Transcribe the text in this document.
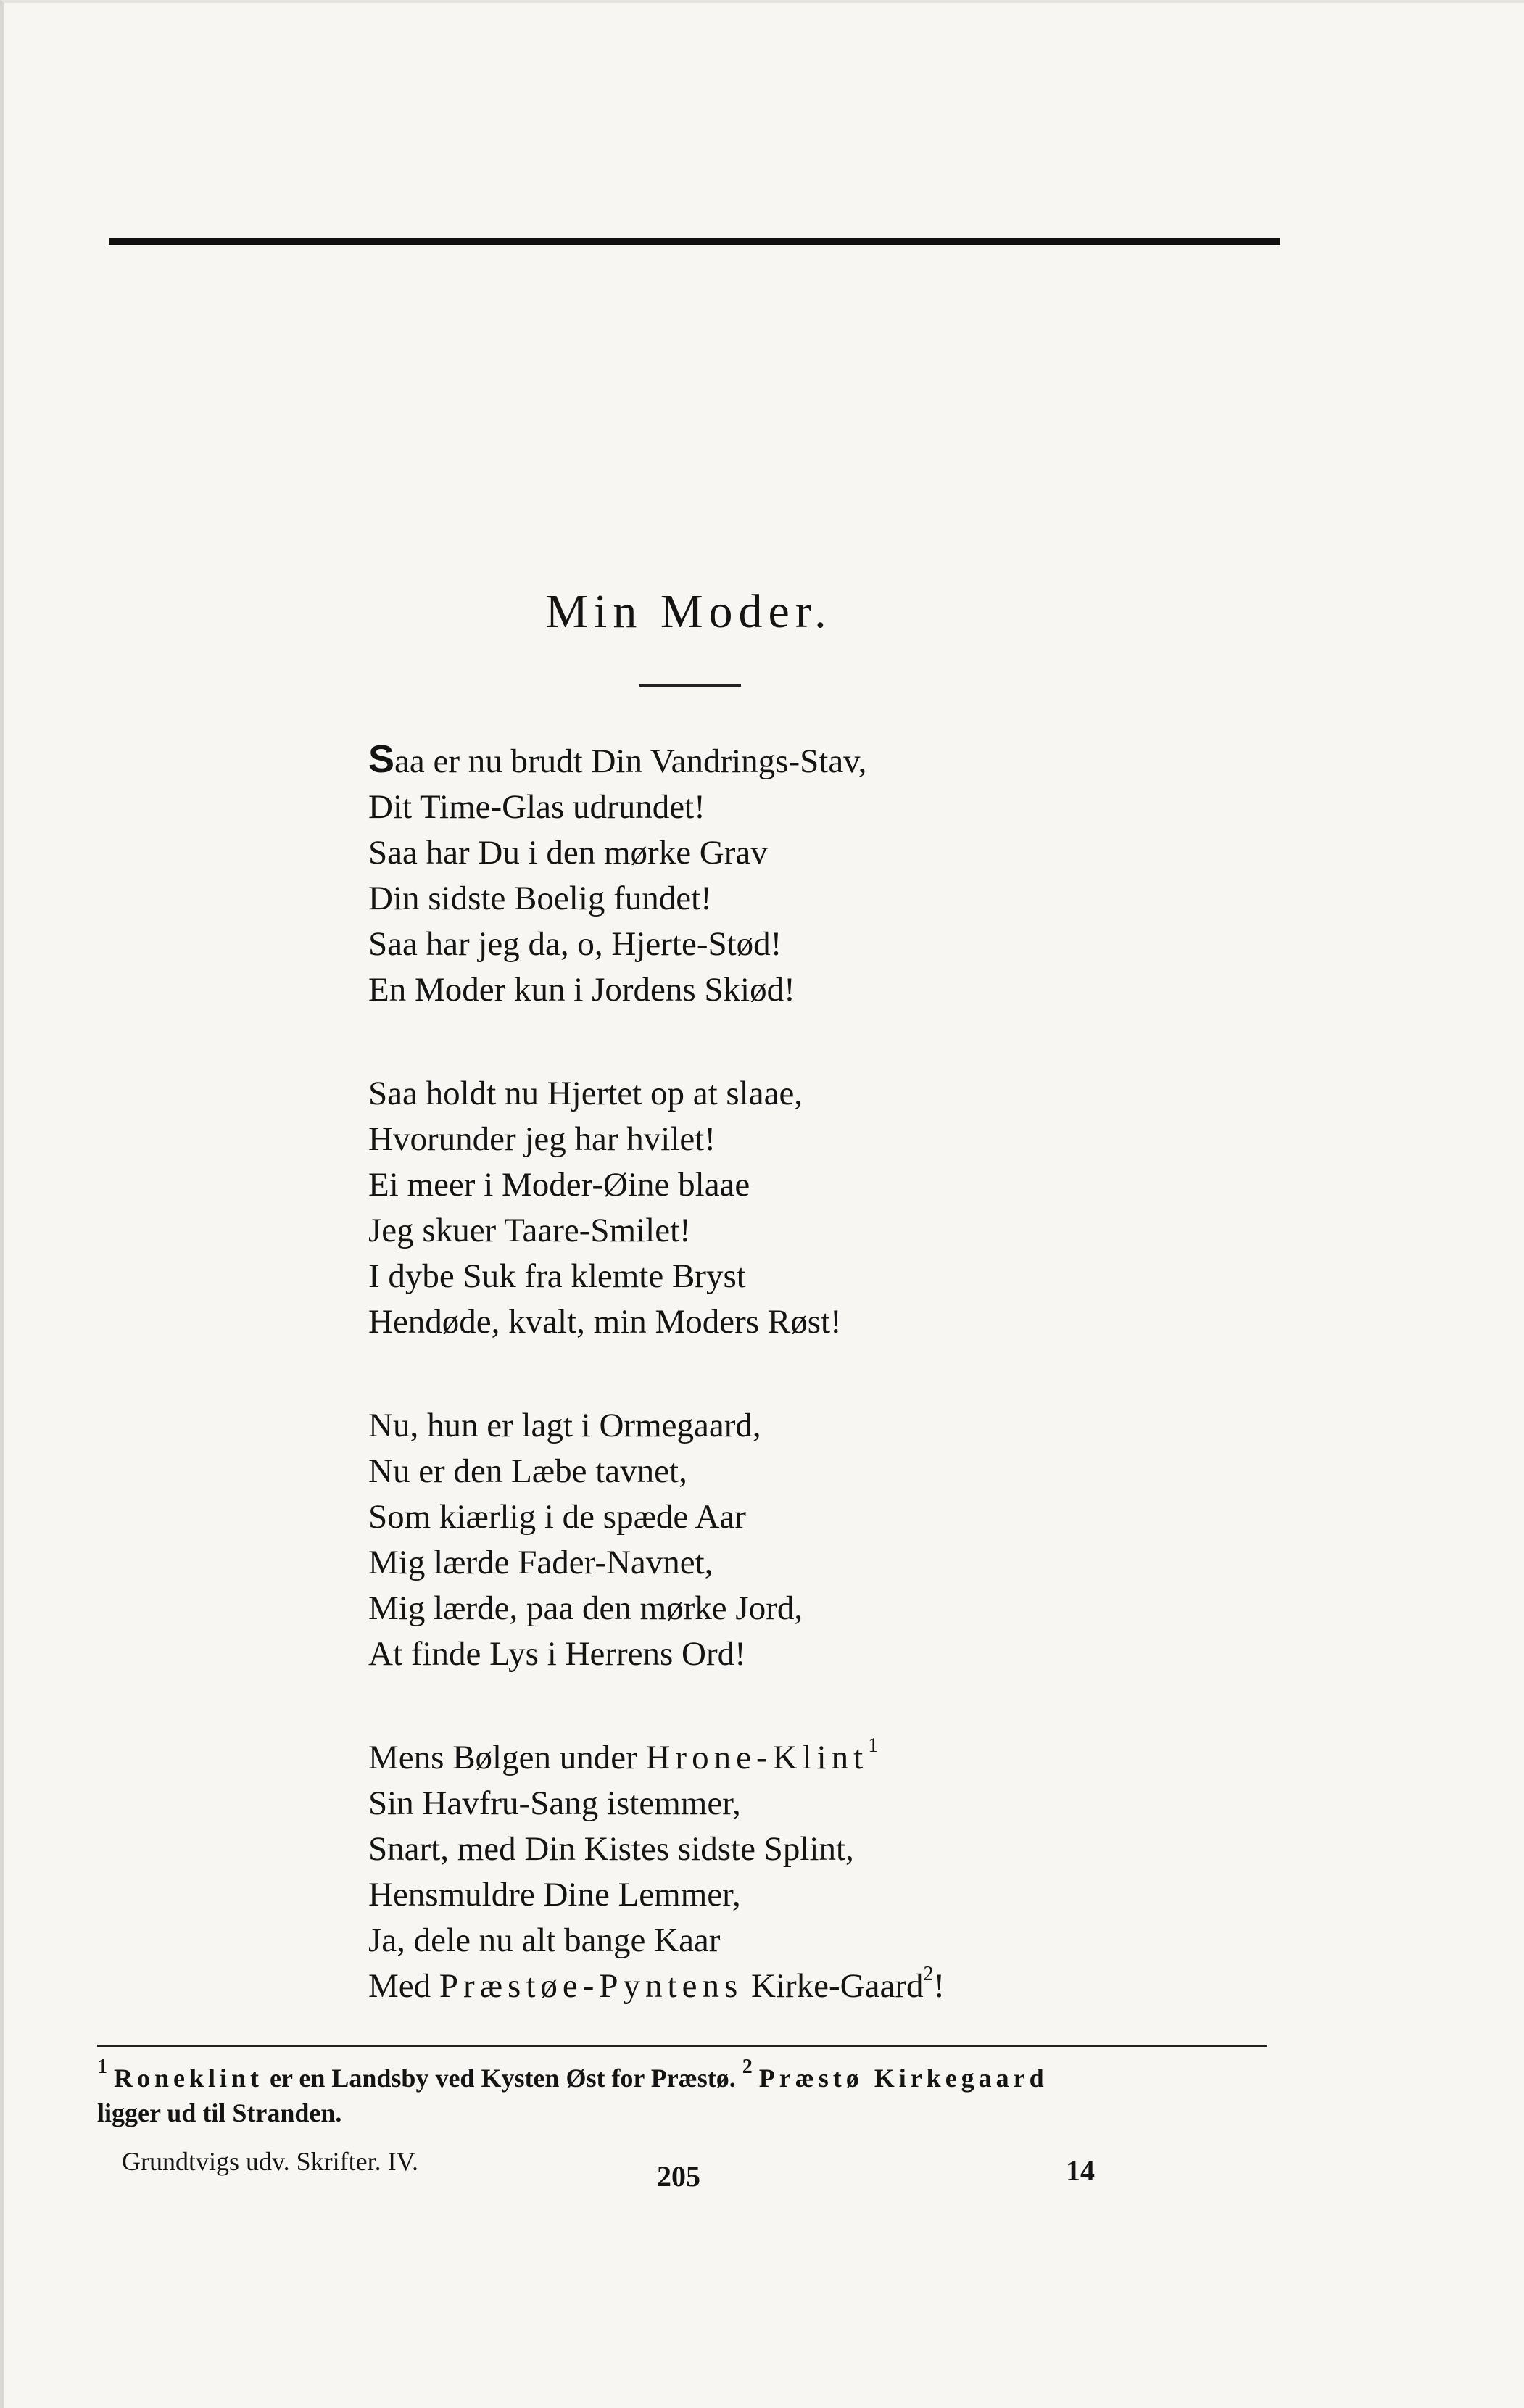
Min Moder.
Saa er nu brudt Din Vandrings-Stav,
Dit Time-Glas udrundet!
Saa har Du i den mørke Grav
Din sidste Boelig fundet!
Saa har jeg da, o, Hjerte-Stød!
En Moder kun i Jordens Skiød!
Saa holdt nu Hjertet op at slaae,
Hvorunder jeg har hvilet!
Ei meer i Moder-Øine blaae
Jeg skuer Taare-Smilet!
I dybe Suk fra klemte Bryst
Hendøde, kvalt, min Moders Røst!
Nu, hun er lagt i Ormegaard,
Nu er den Læbe tavnet,
Som kiærlig i de spæde Aar
Mig lærde Fader-Navnet,
Mig lærde, paa den mørke Jord,
At finde Lys i Herrens Ord!
Mens Bølgen under Hrone-Klint$^1$
Sin Havfru-Sang istemmer,
Snart, med Din Kistes sidste Splint,
Hensmuldre Dine Lemmer,
Ja, dele nu alt bange Kaar
Med Præstøe-Pyntens Kirke-Gaard$^2$!
$^1$ Roneklint er en Landsby ved Kysten Øst for Præstø. $^2$ Præstø Kirkegaard
ligger ud til Stranden.
Grundtvigs udv. Skrifter. IV.	205	14
